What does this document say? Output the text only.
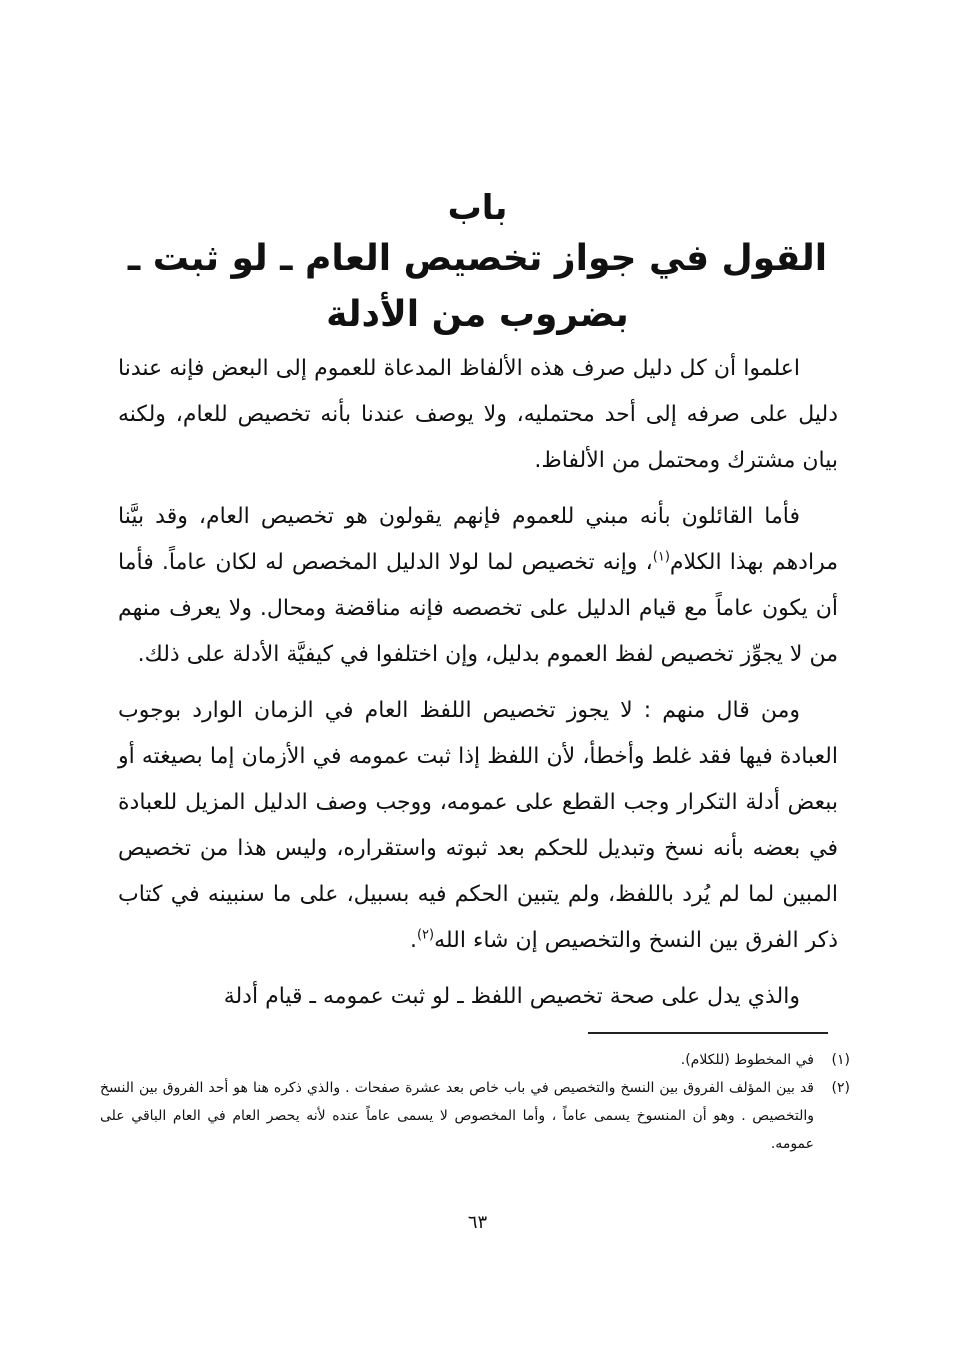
باب
القول في جواز تخصيص العام ـ لو ثبت ـ
بضروب من الأدلة

اعلموا أن كل دليل صرف هذه الألفاظ المدعاة للعموم إلى البعض فإنه عندنا دليل على صرفه إلى أحد محتمليه، ولا يوصف عندنا بأنه تخصيص للعام، ولكنه بيان مشترك ومحتمل من الألفاظ.

فأما القائلون بأنه مبني للعموم فإنهم يقولون هو تخصيص العام، وقد بيَّنا مرادهم بهذا الكلام$^{(١)}$، وإنه تخصيص لما لولا الدليل المخصص له لكان عاماً. فأما أن يكون عاماً مع قيام الدليل على تخصصه فإنه مناقضة ومحال. ولا يعرف منهم من لا يجوِّز تخصيص لفظ العموم بدليل، وإن اختلفوا في كيفيَّة الأدلة على ذلك.

ومن قال منهم : لا يجوز تخصيص اللفظ العام في الزمان الوارد بوجوب العبادة فيها فقد غلط وأخطأ، لأن اللفظ إذا ثبت عمومه في الأزمان إما بصيغته أو ببعض أدلة التكرار وجب القطع على عمومه، ووجب وصف الدليل المزيل للعبادة في بعضه بأنه نسخ وتبديل للحكم بعد ثبوته واستقراره، وليس هذا من تخصيص المبين لما لم يُرد باللفظ، ولم يتبين الحكم فيه بسبيل، على ما سنبينه في كتاب ذكر الفرق بين النسخ والتخصيص إن شاء الله$^{(٢)}$.

والذي يدل على صحة تخصيص اللفظ ـ لو ثبت عمومه ـ قيام أدلة

(١)
في المخطوط (للكلام).
(٢)
قد بين المؤلف الفروق بين النسخ والتخصيص في باب خاص بعد عشرة صفحات . والذي ذكره هنا هو أحد الفروق بين النسخ والتخصيص . وهو أن المنسوخ يسمى عاماً ، وأما المخصوص لا يسمى عاماً عنده لأنه يحصر العام في العام الباقي على عمومه.
٦٣
